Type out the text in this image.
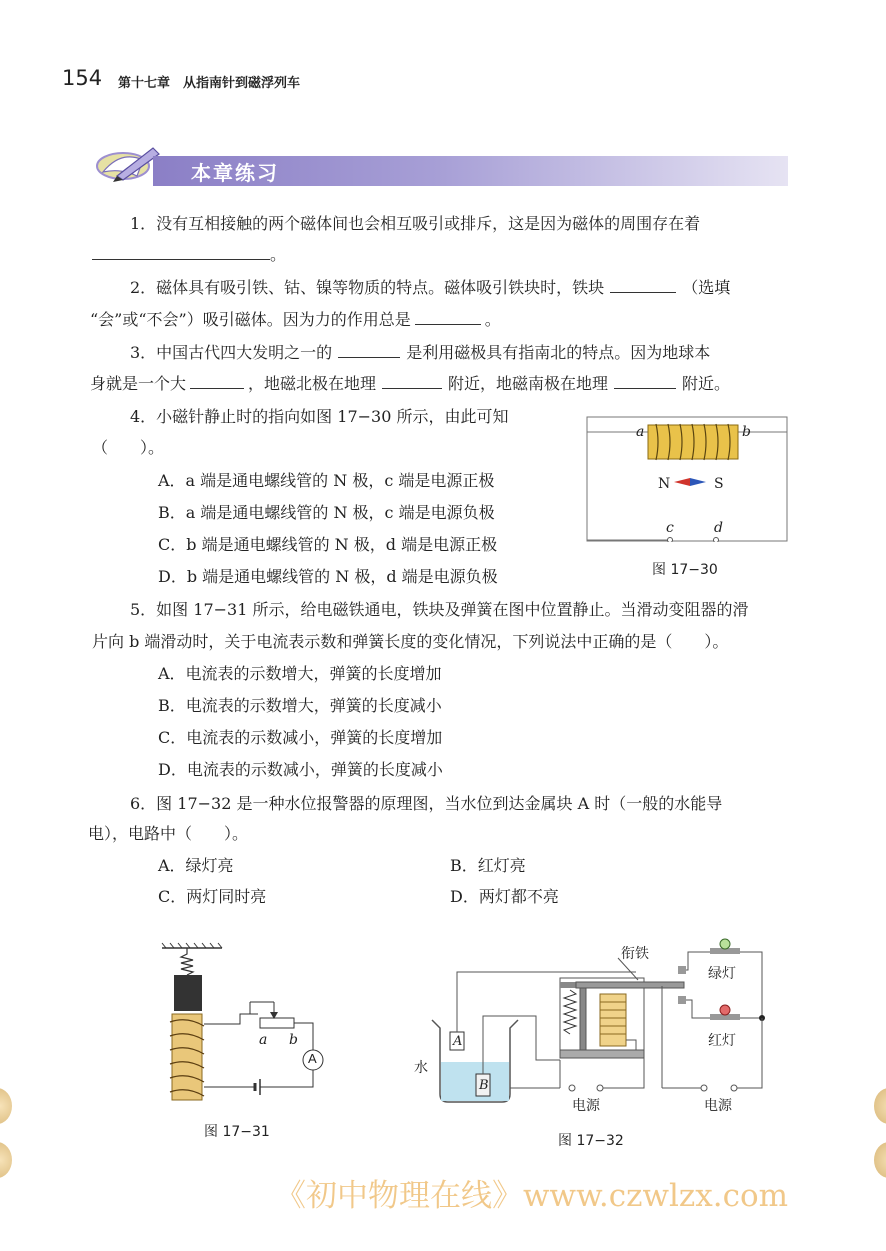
154 第十七章　从指南针到磁浮列车
本章练习
1．没有互相接触的两个磁体间也会相互吸引或排斥，这是因为磁体的周围存在着
。
2．磁体具有吸引铁、钴、镍等物质的特点。磁体吸引铁块时，铁块	（选填
“会”或“不会”）吸引磁体。因为力的作用总是	。
3．中国古代四大发明之一的	是利用磁极具有指南北的特点。因为地球本
身就是一个大	，地磁北极在地理	附近，地磁南极在地理	附近。
4．小磁针静止时的指向如图 17−30 所示，由此可知
（　　）。
A．a 端是通电螺线管的 N 极，c 端是电源正极
B．a 端是通电螺线管的 N 极，c 端是电源负极
C．b 端是通电螺线管的 N 极，d 端是电源正极
D．b 端是通电螺线管的 N 极，d 端是电源负极
a	b
N	S
c	d
图 17−30
5．如图 17−31 所示，给电磁铁通电，铁块及弹簧在图中位置静止。当滑动变阻器的滑
片向 b 端滑动时，关于电流表示数和弹簧长度的变化情况，下列说法中正确的是（　　）。
A．电流表的示数增大，弹簧的长度增加
B．电流表的示数增大，弹簧的长度减小
C．电流表的示数减小，弹簧的长度增加
D．电流表的示数减小，弹簧的长度减小
6．图 17−32 是一种水位报警器的原理图，当水位到达金属块 A 时（一般的水能导
电），电路中（　　）。
A．绿灯亮	B．红灯亮
C．两灯同时亮	D．两灯都不亮
a b
A
图 17−31
衔铁
绿灯
红灯
水
电源	电源
A
B
图 17−32
《初中物理在线》www.czwlzx.com
